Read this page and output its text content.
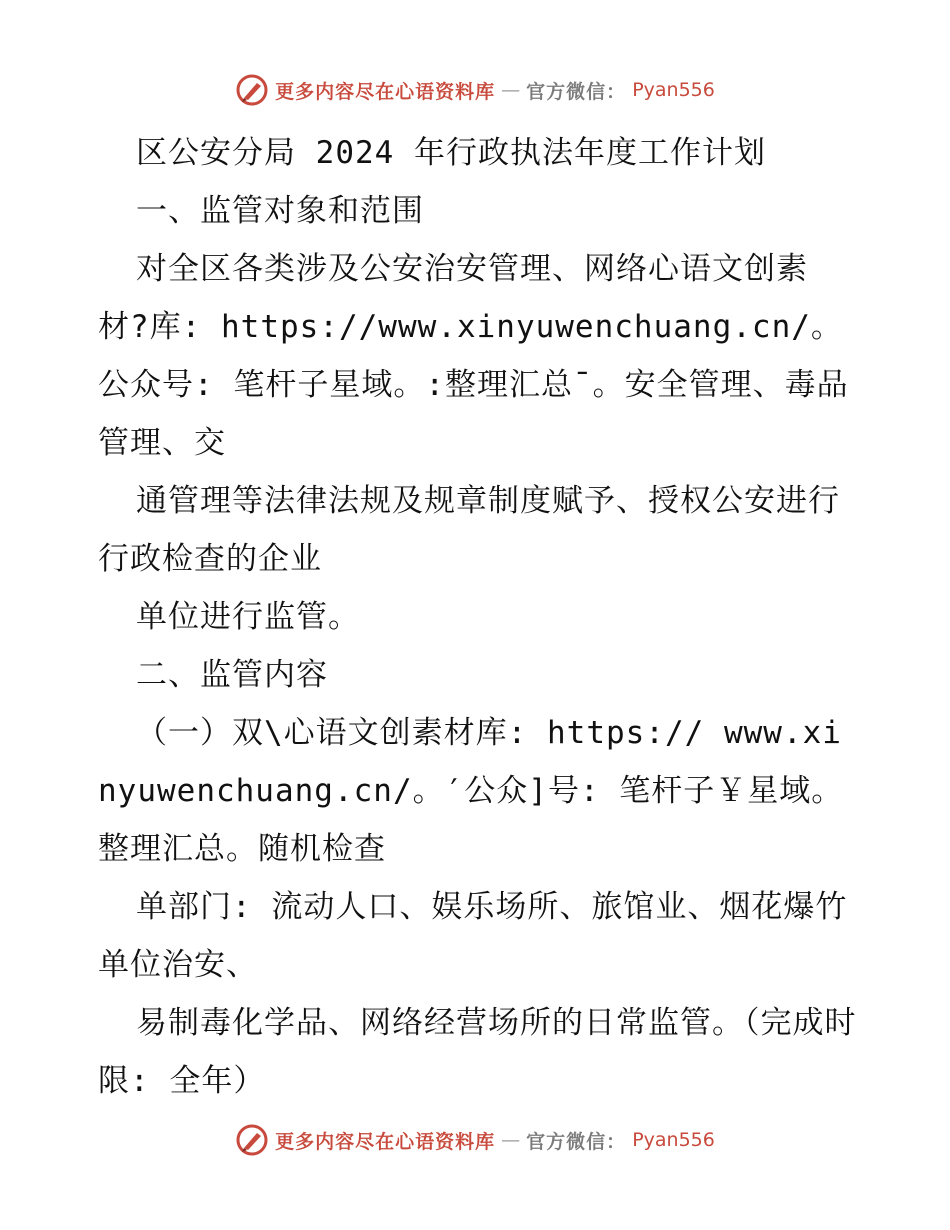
更多内容尽在心语资料库 — 官方微信： Pyan556

区公安分局 2024 年行政执法年度工作计划

一、监管对象和范围

对全区各类涉及公安治安管理、网络心语文创素材?库: https://www.xinyuwenchuang.cn/。公众号: 笔杆子星域。:整理汇总¯。安全管理、毒品管理、交

通管理等法律法规及规章制度赋予、授权公安进行行政检查的企业

单位进行监管。

二、监管内容

（一）双\心语文创素材库: https:// www.xinyuwenchuang.cn/。′公众]号: 笔杆子￥星域。整理汇总。随机检查

单部门: 流动人口、娱乐场所、旅馆业、烟花爆竹单位治安、

易制毒化学品、网络经营场所的日常监管。（完成时限: 全年）

更多内容尽在心语资料库 — 官方微信： Pyan556
